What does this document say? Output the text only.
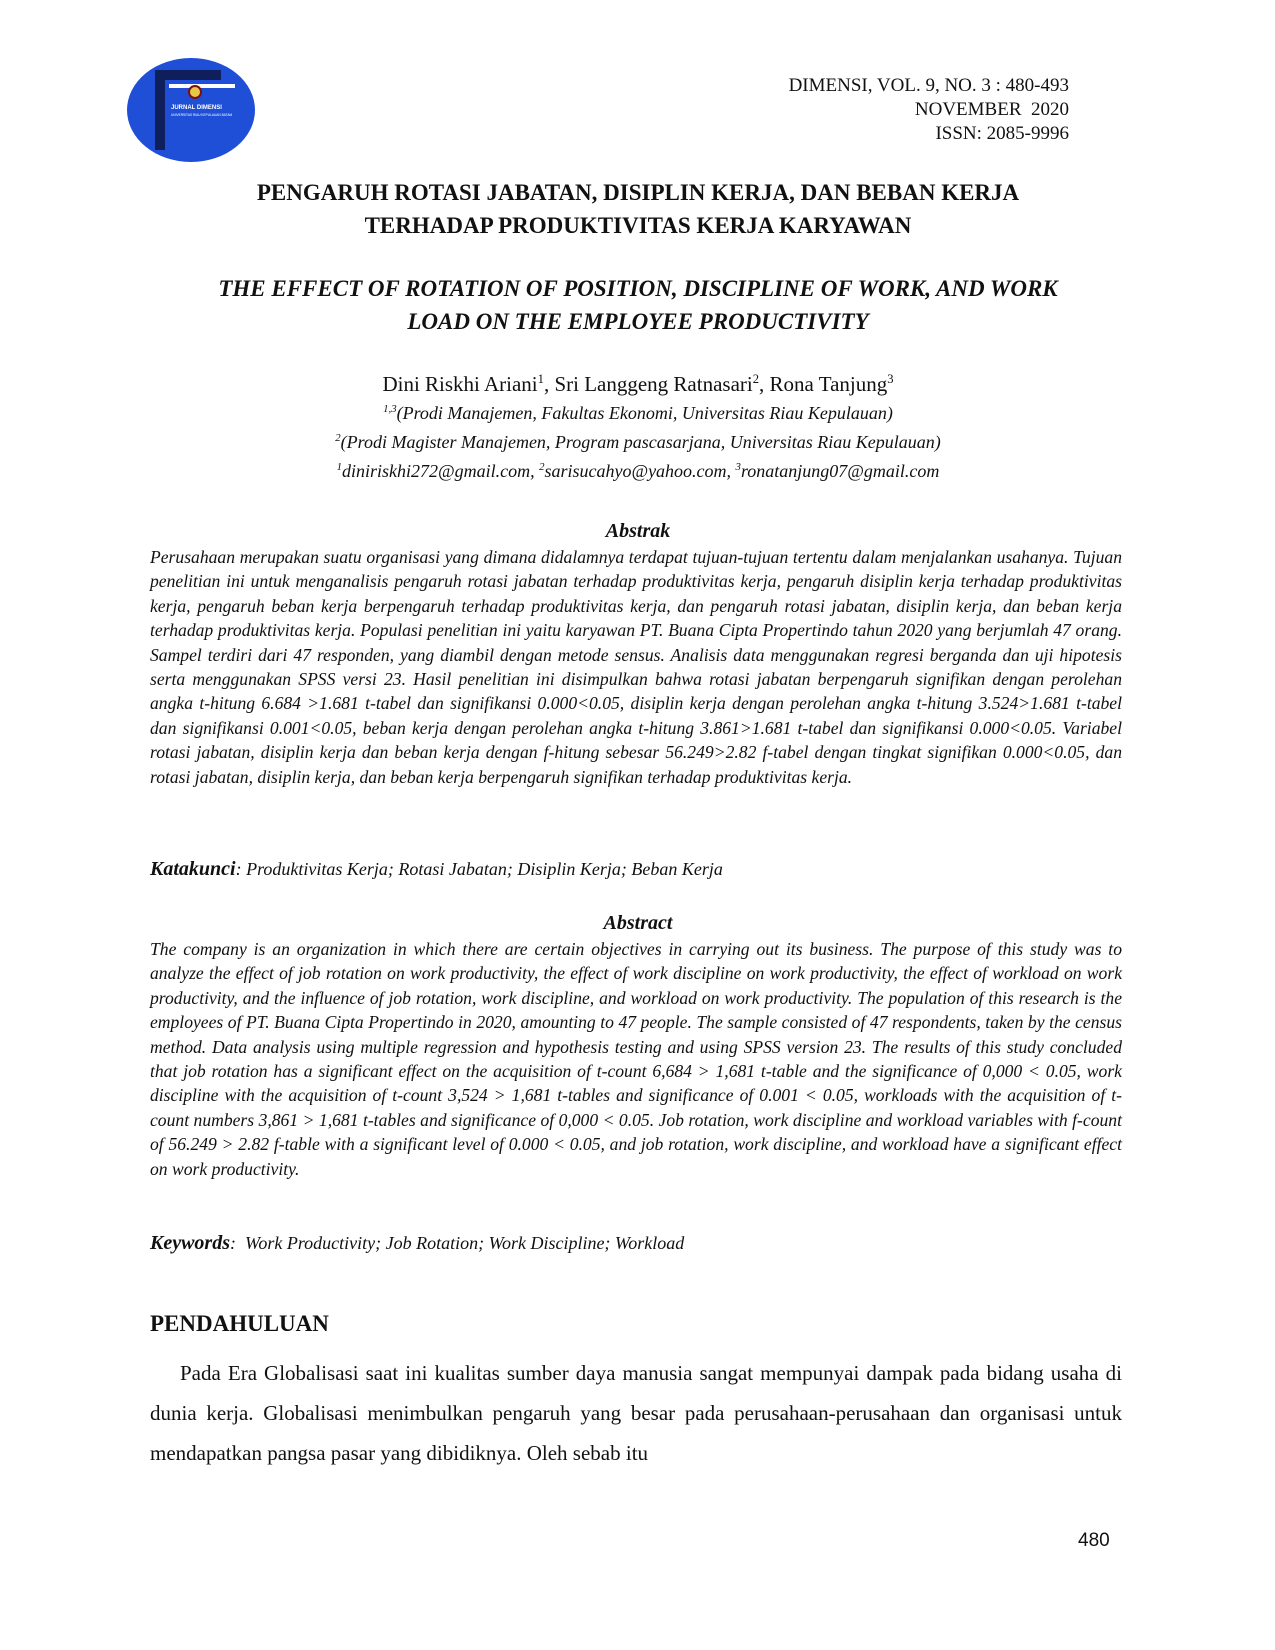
JURNAL DIMENSI
UNIVERSITAS RIAU KEPULAUAN BATAM
DIMENSI, VOL. 9, NO. 3 : 480-493
NOVEMBER  2020
ISSN: 2085-9996
PENGARUH ROTASI JABATAN, DISIPLIN KERJA, DAN BEBAN KERJA
TERHADAP PRODUKTIVITAS KERJA KARYAWAN
THE EFFECT OF ROTATION OF POSITION, DISCIPLINE OF WORK, AND WORK
LOAD ON THE EMPLOYEE PRODUCTIVITY
Dini Riskhi Ariani$^1$, Sri Langgeng Ratnasari$^2$, Rona Tanjung$^3$
$^{1,3}$(Prodi Manajemen, Fakultas Ekonomi, Universitas Riau Kepulauan)
$^2$(Prodi Magister Manajemen, Program pascasarjana, Universitas Riau Kepulauan)
$^1$diniriskhi272@gmail.com, $^2$sarisucahyo@yahoo.com, $^3$ronatanjung07@gmail.com
Abstrak
Perusahaan merupakan suatu organisasi yang dimana didalamnya terdapat tujuan-tujuan tertentu dalam menjalankan usahanya. Tujuan penelitian ini untuk menganalisis pengaruh rotasi jabatan terhadap produktivitas kerja, pengaruh disiplin kerja terhadap produktivitas kerja, pengaruh beban kerja berpengaruh terhadap produktivitas kerja, dan pengaruh rotasi jabatan, disiplin kerja, dan beban kerja terhadap produktivitas kerja. Populasi penelitian ini yaitu karyawan PT. Buana Cipta Propertindo tahun 2020 yang berjumlah 47 orang. Sampel terdiri dari 47 responden, yang diambil dengan metode sensus. Analisis data menggunakan regresi berganda dan uji hipotesis serta menggunakan SPSS versi 23. Hasil penelitian ini disimpulkan bahwa rotasi jabatan berpengaruh signifikan dengan perolehan angka t-hitung 6.684 >1.681 t-tabel dan signifikansi 0.000<0.05, disiplin kerja dengan perolehan angka t-hitung 3.524>1.681 t-tabel dan signifikansi 0.001<0.05, beban kerja dengan perolehan angka t-hitung 3.861>1.681 t-tabel dan signifikansi 0.000<0.05. Variabel rotasi jabatan, disiplin kerja dan beban kerja dengan f-hitung sebesar 56.249>2.82 f-tabel dengan tingkat signifikan 0.000<0.05, dan rotasi jabatan, disiplin kerja, dan beban kerja berpengaruh signifikan terhadap produktivitas kerja.
Katakunci: Produktivitas Kerja; Rotasi Jabatan; Disiplin Kerja; Beban Kerja
Abstract
The company is an organization in which there are certain objectives in carrying out its business. The purpose of this study was to analyze the effect of job rotation on work productivity, the effect of work discipline on work productivity, the effect of workload on work productivity, and the influence of job rotation, work discipline, and workload on work productivity. The population of this research is the employees of PT. Buana Cipta Propertindo in 2020, amounting to 47 people. The sample consisted of 47 respondents, taken by the census method. Data analysis using multiple regression and hypothesis testing and using SPSS version 23. The results of this study concluded that job rotation has a significant effect on the acquisition of t-count 6,684 > 1,681 t-table and the significance of 0,000 < 0.05, work discipline with the acquisition of t-count 3,524 > 1,681 t-tables and significance of 0.001 < 0.05, workloads with the acquisition of t-count numbers 3,861 > 1,681 t-tables and significance of 0,000 < 0.05. Job rotation, work discipline and workload variables with f-count of 56.249 > 2.82 f-table with a significant level of 0.000 < 0.05, and job rotation, work discipline, and workload have a significant effect on work productivity.
Keywords:  Work Productivity; Job Rotation; Work Discipline; Workload
PENDAHULUAN
Pada Era Globalisasi saat ini kualitas sumber daya manusia sangat mempunyai dampak pada bidang usaha di dunia kerja. Globalisasi menimbulkan pengaruh yang besar pada perusahaan-perusahaan dan organisasi untuk mendapatkan pangsa pasar yang dibidiknya. Oleh sebab itu
480
